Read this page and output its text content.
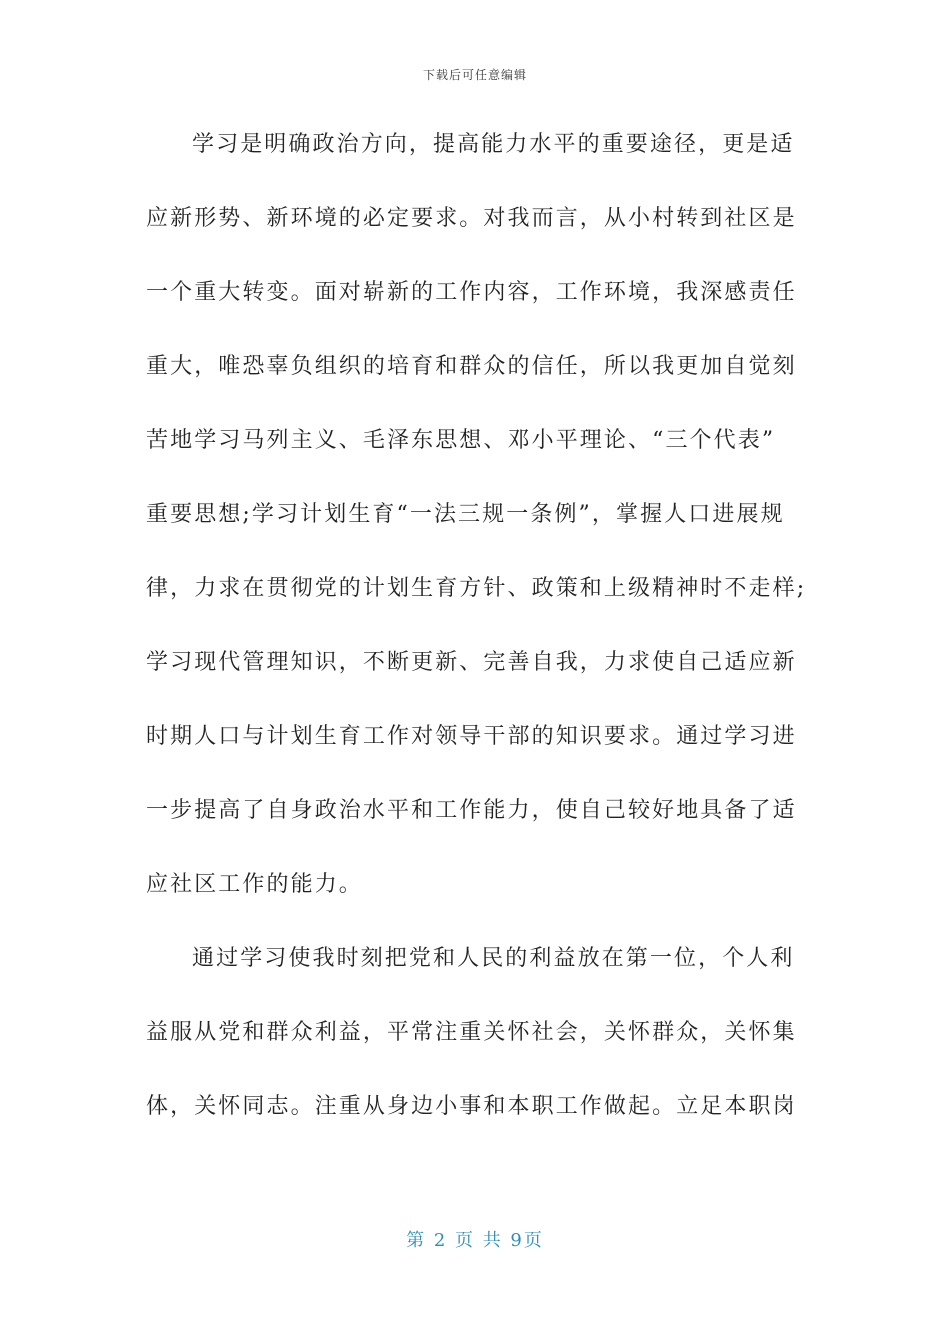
下载后可任意编辑
学习是明确政治方向，提高能力水平的重要途径，更是适
应新形势、新环境的必定要求。对我而言，从小村转到社区是
一个重大转变。面对崭新的工作内容，工作环境，我深感责任
重大，唯恐辜负组织的培育和群众的信任，所以我更加自觉刻
苦地学习马列主义、毛泽东思想、邓小平理论、“三个代表”
重要思想;学习计划生育“一法三规一条例”，掌握人口进展规
律，力求在贯彻党的计划生育方针、政策和上级精神时不走样;
学习现代管理知识，不断更新、完善自我，力求使自己适应新
时期人口与计划生育工作对领导干部的知识要求。通过学习进
一步提高了自身政治水平和工作能力，使自己较好地具备了适
应社区工作的能力。
通过学习使我时刻把党和人民的利益放在第一位，个人利
益服从党和群众利益，平常注重关怀社会，关怀群众，关怀集
体，关怀同志。注重从身边小事和本职工作做起。立足本职岗
第 2 页 共 9页
